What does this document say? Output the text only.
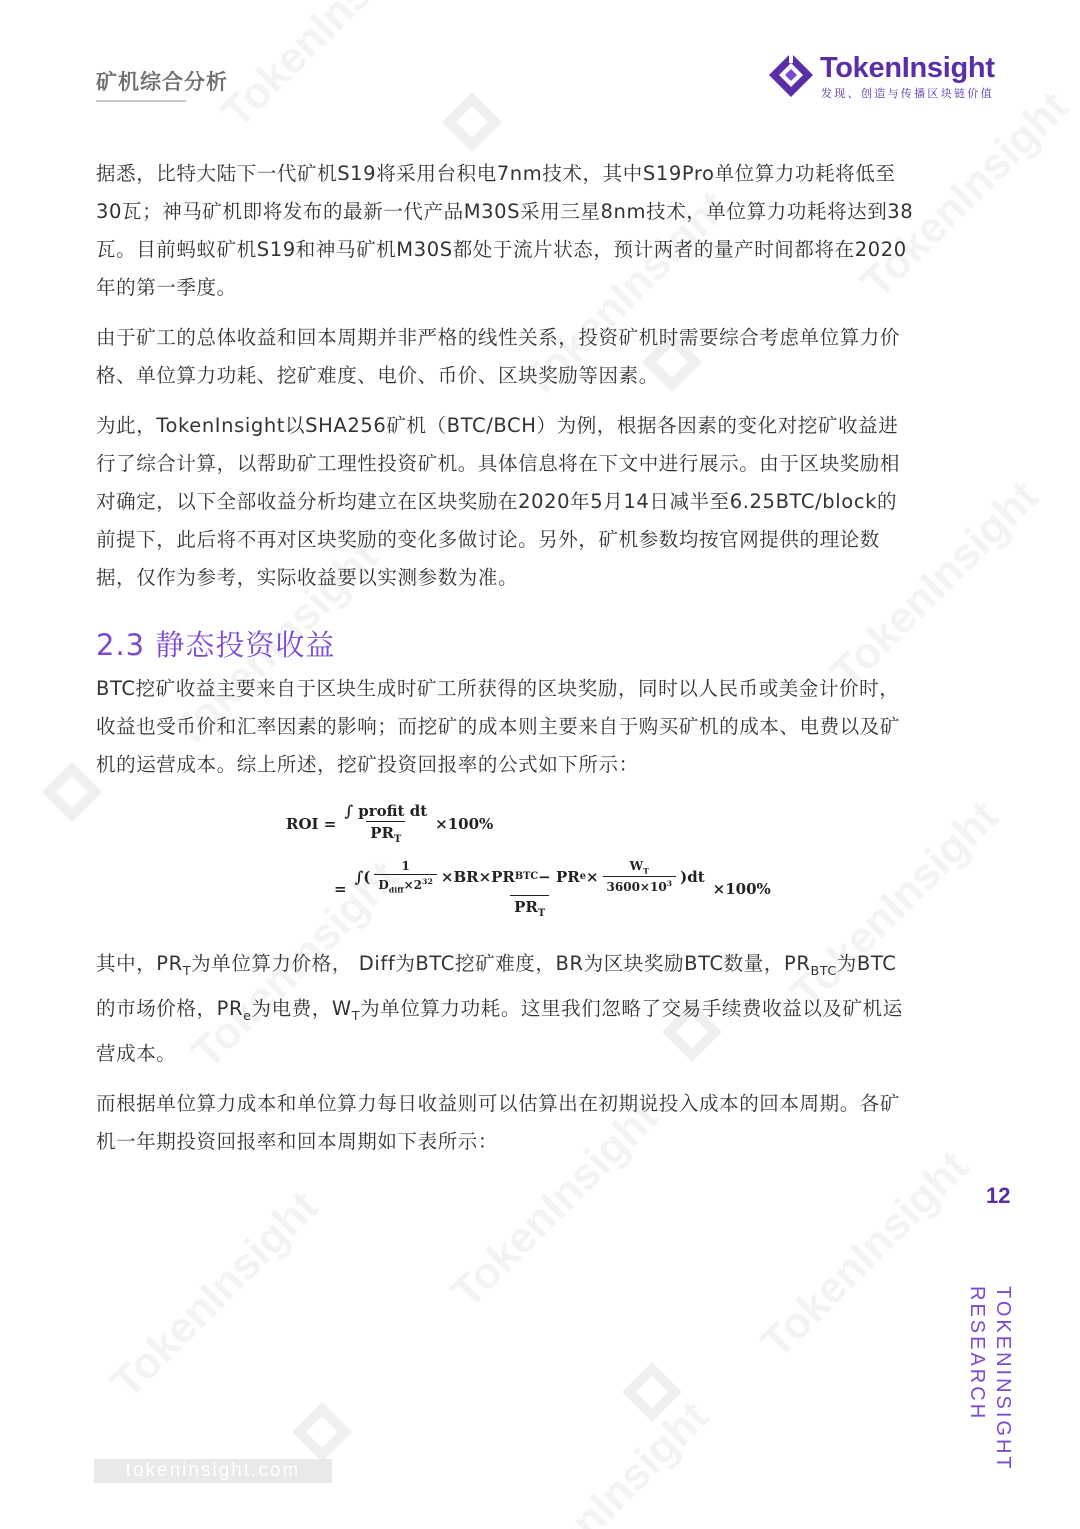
矿机综合分析	TokenInsight
发现、创造与传播区块链价值

据悉，比特大陆下一代矿机S19将采用台积电7nm技术，其中S19Pro单位算力功耗将低至30瓦；神马矿机即将发布的最新一代产品M30S采用三星8nm技术，单位算力功耗将达到38瓦。目前蚂蚁矿机S19和神马矿机M30S都处于流片状态，预计两者的量产时间都将在2020年的第一季度。

由于矿工的总体收益和回本周期并非严格的线性关系，投资矿机时需要综合考虑单位算力价格、单位算力功耗、挖矿难度、电价、币价、区块奖励等因素。

为此，TokenInsight以SHA256矿机（BTC/BCH）为例，根据各因素的变化对挖矿收益进行了综合计算，以帮助矿工理性投资矿机。具体信息将在下文中进行展示。由于区块奖励相对确定，以下全部收益分析均建立在区块奖励在2020年5月14日减半至6.25BTC/block的前提下，此后将不再对区块奖励的变化多做讨论。另外，矿机参数均按官网提供的理论数据，仅作为参考，实际收益要以实测参数为准。

2.3 静态投资收益

BTC挖矿收益主要来自于区块生成时矿工所获得的区块奖励，同时以人民币或美金计价时，收益也受币价和汇率因素的影响；而挖矿的成本则主要来自于购买矿机的成本、电费以及矿机的运营成本。综上所述，挖矿投资回报率的公式如下所示：

ROI = $\frac{\text{∫ profit dt}}{PR_T} \times 100\%$
=
∫( $\frac{1}{D_{diff}\times 2^{32}} \times BR\times PR$ BTC − PR $e \times \frac{W_T}{3600\times 10^3} )dt$
$PR_T$
×100%

其中，$PR_T$为单位算力价格， Diff为BTC挖矿难度，BR为区块奖励BTC数量，$PR_{BTC}$为BTC的市场价格，$PR_e$为电费，$W_T$为单位算力功耗。这里我们忽略了交易手续费收益以及矿机运营成本。

而根据单位算力成本和单位算力每日收益则可以估算出在初期说投入成本的回本周期。各矿机一年期投资回报率和回本周期如下表所示：

12
TOKENINSIGHT RESEARCH
tokeninsight.com
